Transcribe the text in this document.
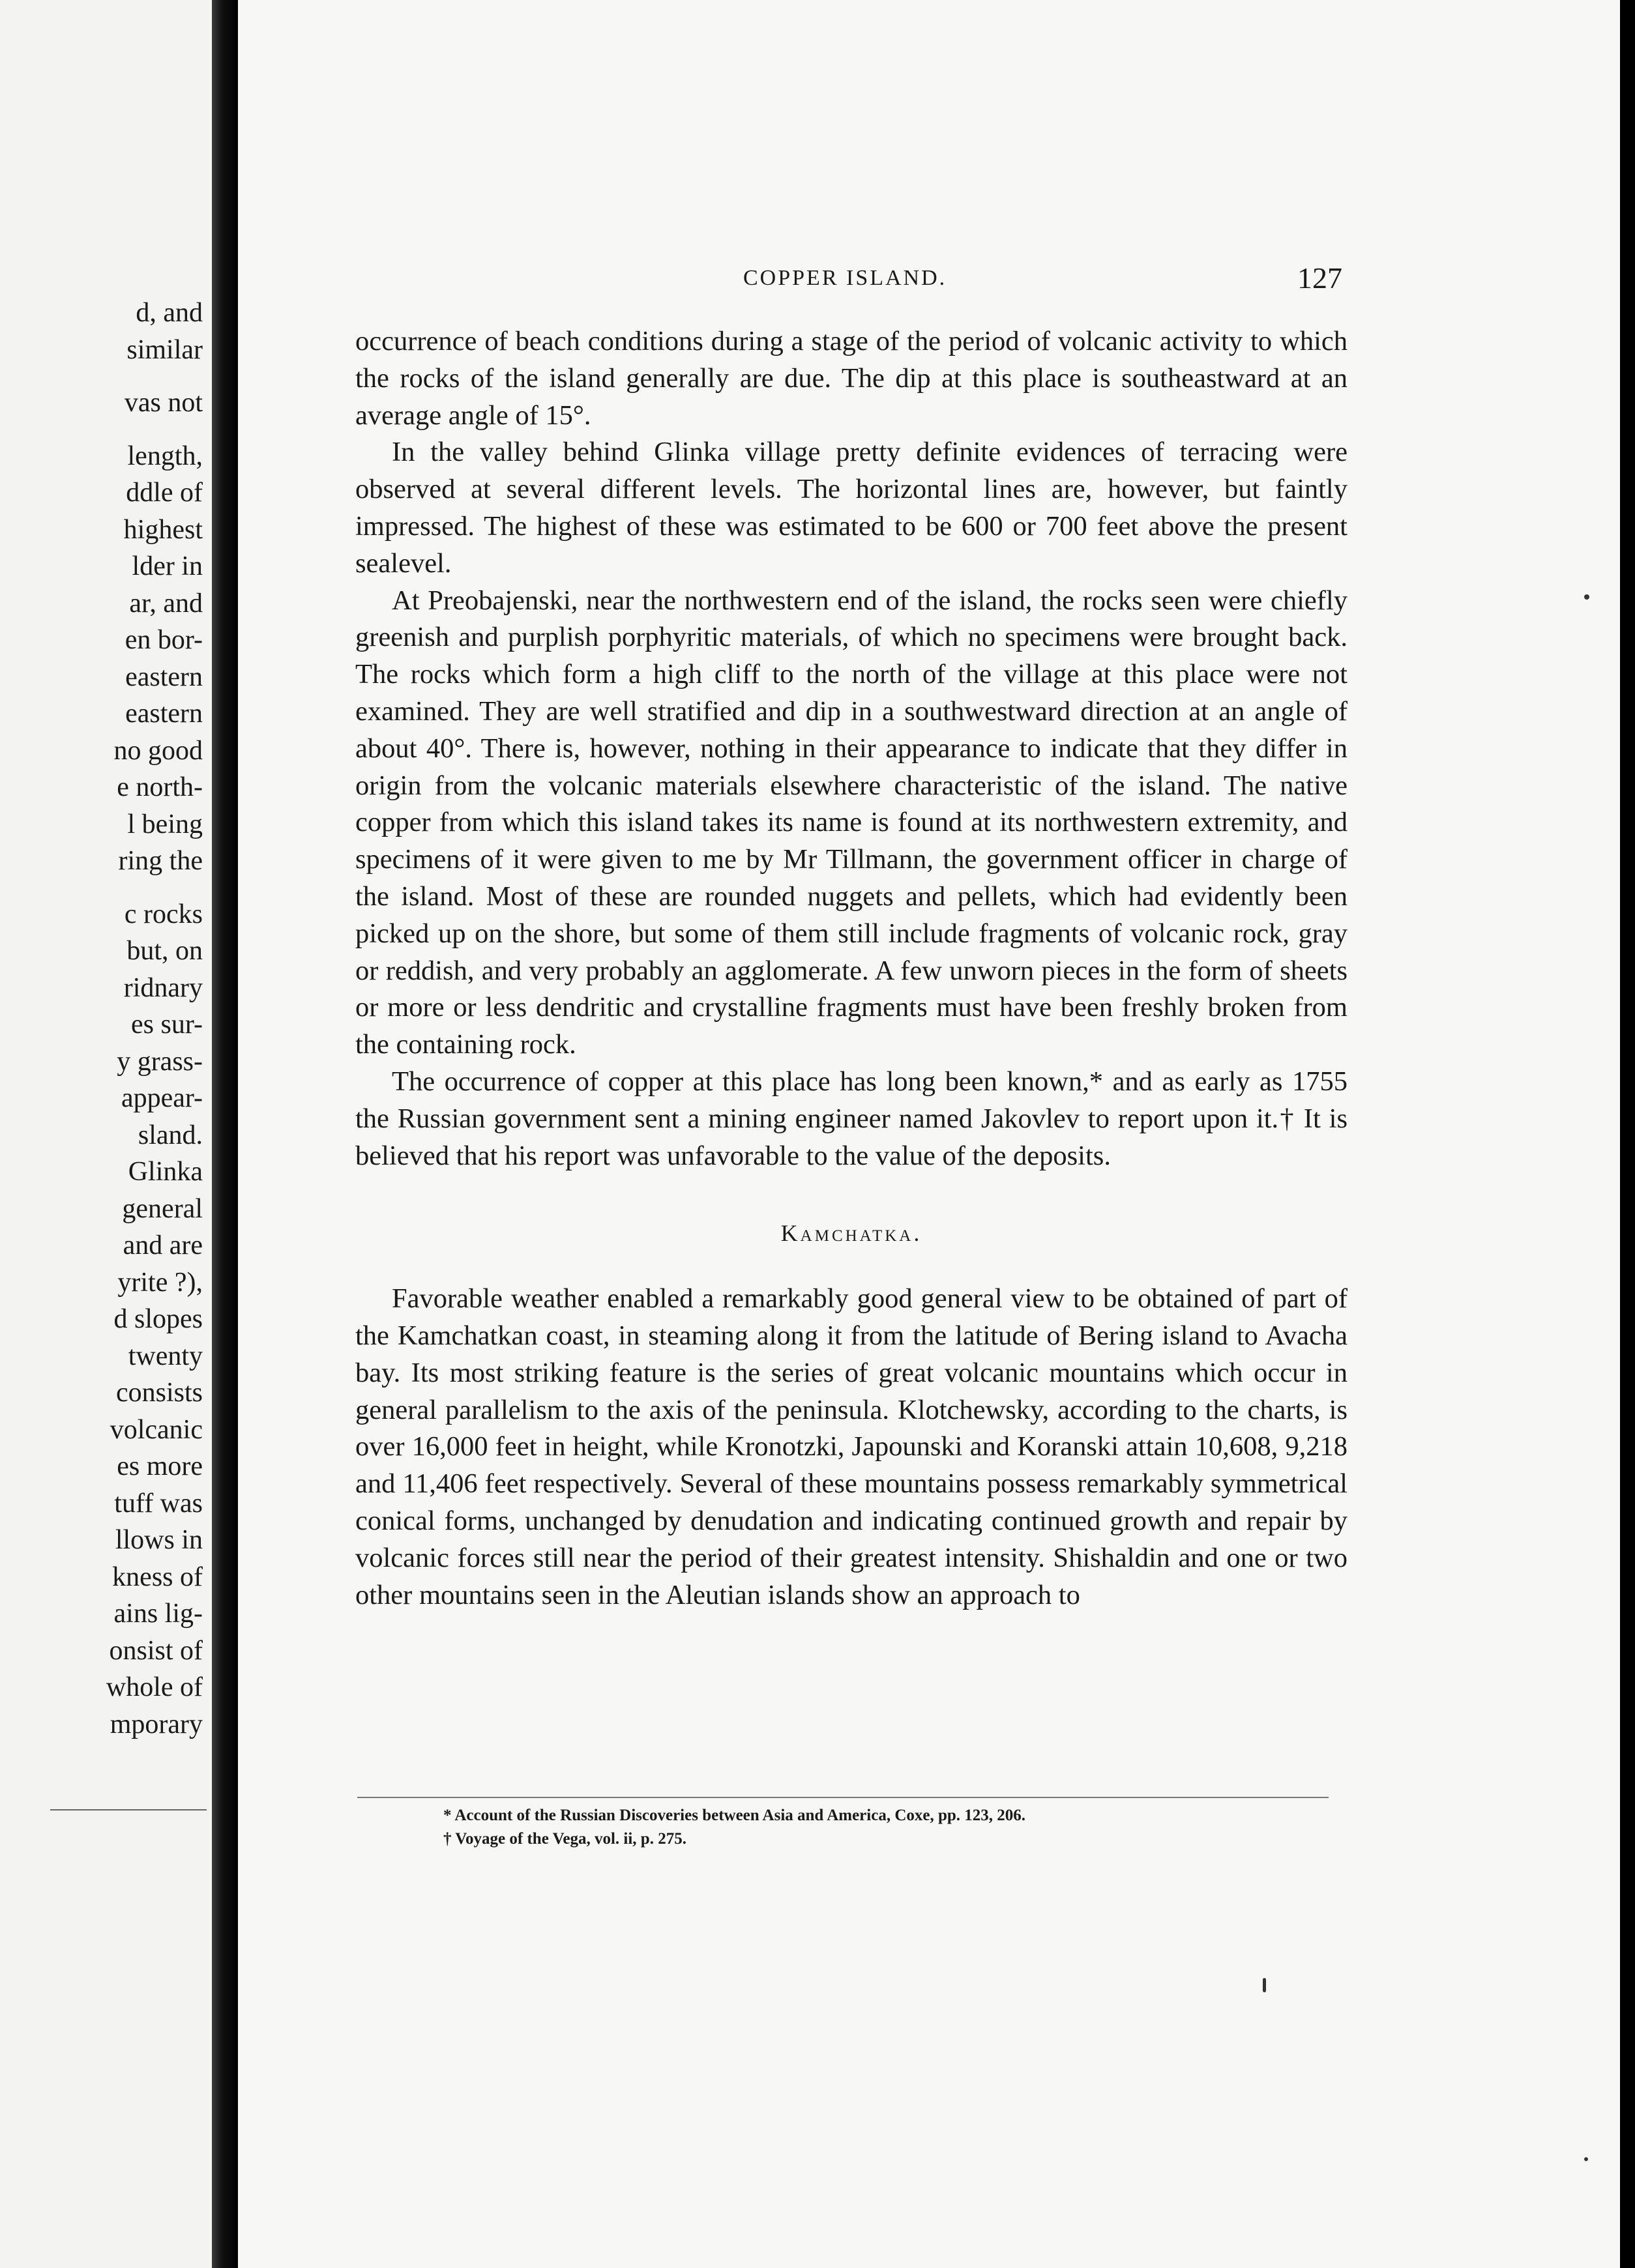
d, and
similar
vas not
length,
ddle of
highest
lder in
ar, and
en bor-
eastern
eastern
no good
e north-
l being
ring the
c rocks
but, on
ridnary
es sur-
y grass-
appear-
sland.
Glinka
general
and are
yrite ?),
d slopes
twenty
consists
volcanic
es more
tuff was
llows in
kness of
ains lig-
onsist of
whole of
mporary
COPPER ISLAND.	127

occurrence of beach conditions during a stage of the period of volcanic activity to which the rocks of the island generally are due. The dip at this place is southeastward at an average angle of 15°.

In the valley behind Glinka village pretty definite evidences of terracing were observed at several different levels. The horizontal lines are, however, but faintly impressed. The highest of these was estimated to be 600 or 700 feet above the present sealevel.

At Preobajenski, near the northwestern end of the island, the rocks seen were chiefly greenish and purplish porphyritic materials, of which no specimens were brought back. The rocks which form a high cliff to the north of the village at this place were not examined. They are well stratified and dip in a southwestward direction at an angle of about 40°. There is, however, nothing in their appearance to indicate that they differ in origin from the volcanic materials elsewhere characteristic of the island. The native copper from which this island takes its name is found at its northwestern extremity, and specimens of it were given to me by Mr Tillmann, the government officer in charge of the island. Most of these are rounded nuggets and pellets, which had evidently been picked up on the shore, but some of them still include fragments of volcanic rock, gray or reddish, and very probably an agglomerate. A few unworn pieces in the form of sheets or more or less dendritic and crystalline fragments must have been freshly broken from the containing rock.

The occurrence of copper at this place has long been known,* and as early as 1755 the Russian government sent a mining engineer named Jakovlev to report upon it.† It is believed that his report was unfavorable to the value of the deposits.

Kamchatka.

Favorable weather enabled a remarkably good general view to be obtained of part of the Kamchatkan coast, in steaming along it from the latitude of Bering island to Avacha bay. Its most striking feature is the series of great volcanic mountains which occur in general parallelism to the axis of the peninsula. Klotchewsky, according to the charts, is over 16,000 feet in height, while Kronotzki, Japounski and Koranski attain 10,608, 9,218 and 11,406 feet respectively. Several of these mountains possess remarkably symmetrical conical forms, unchanged by denudation and indicating continued growth and repair by volcanic forces still near the period of their greatest intensity. Shishaldin and one or two other mountains seen in the Aleutian islands show an approach to

* Account of the Russian Discoveries between Asia and America, Coxe, pp. 123, 206.
† Voyage of the Vega, vol. ii, p. 275.
